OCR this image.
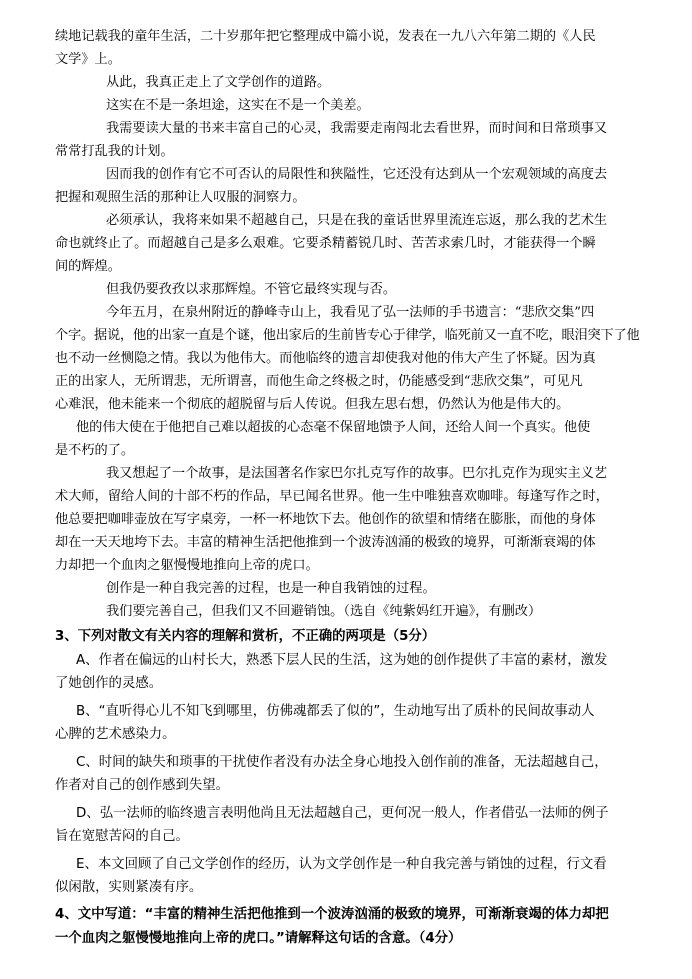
续地记载我的童年生活，二十岁那年把它整理成中篇小说，发表在一九八六年第二期的《人民
文学》上。
从此，我真正走上了文学创作的道路。
这实在不是一条坦途，这实在不是一个美差。
我需要读大量的书来丰富自己的心灵，我需要走南闯北去看世界，而时间和日常琐事又
常常打乱我的计划。
因而我的创作有它不可否认的局限性和狭隘性，它还没有达到从一个宏观领域的高度去
把握和观照生活的那种让人叹服的洞察力。
必须承认，我将来如果不超越自己，只是在我的童话世界里流连忘返，那么我的艺术生
命也就终止了。而超越自己是多么艰难。它要杀精蓄锐几时、苦苦求索几时，才能获得一个瞬
间的辉煌。
但我仍要孜孜以求那辉煌。不管它最终实现与否。
今年五月，在泉州附近的静峰寺山上，我看见了弘一法师的手书遗言：“悲欣交集”四
个字。据说，他的出家一直是个谜，他出家后的生前皆专心于律学，临死前又一直不吃，眼泪突下了他
也不动一丝恻隐之情。我以为他伟大。而他临终的遗言却使我对他的伟大产生了怀疑。因为真
正的出家人，无所谓悲，无所谓喜，而他生命之终极之时，仍能感受到“悲欣交集”，可见凡
心难泯，他未能来一个彻底的超脱留与后人传说。但我左思右想，仍然认为他是伟大的。
他的伟大使在于他把自己难以超拔的心态毫不保留地馈予人间，还给人间一个真实。他使
是不朽的了。
我又想起了一个故事，是法国著名作家巴尔扎克写作的故事。巴尔扎克作为现实主义艺
术大师，留给人间的十部不朽的作品，早已闻名世界。他一生中唯独喜欢咖啡。每逢写作之时，
他总要把咖啡壶放在写字桌旁，一杯一杯地饮下去。他创作的欲望和情绪在膨胀，而他的身体
却在一天天地垮下去。丰富的精神生活把他推到一个波涛汹涌的极致的境界，可渐渐衰竭的体
力却把一个血肉之躯慢慢地推向上帝的虎口。
创作是一种自我完善的过程，也是一种自我销蚀的过程。
我们要完善自己，但我们又不回避销蚀。（选自《纯紫妈红开遍》，有删改）
3、下列对散文有关内容的理解和赏析，不正确的两项是（5分）
A、作者在偏远的山村长大，熟悉下层人民的生活，这为她的创作提供了丰富的素材，激发
了她创作的灵感。
B、“直听得心儿不知飞到哪里，仿佛魂都丢了似的”，生动地写出了质朴的民间故事动人
心脾的艺术感染力。
C、时间的缺失和琐事的干扰使作者没有办法全身心地投入创作前的准备，无法超越自己，
作者对自己的创作感到失望。
D、弘一法师的临终遗言表明他尚且无法超越自己，更何况一般人，作者借弘一法师的例子
旨在宽慰苦闷的自己。
E、本文回顾了自己文学创作的经历，认为文学创作是一种自我完善与销蚀的过程，行文看
似闲散，实则紧凑有序。
4、文中写道：“丰富的精神生活把他推到一个波涛汹涌的极致的境界，可渐渐衰竭的体力却把
一个血肉之躯慢慢地推向上帝的虎口。”请解释这句话的含意。（4分）
